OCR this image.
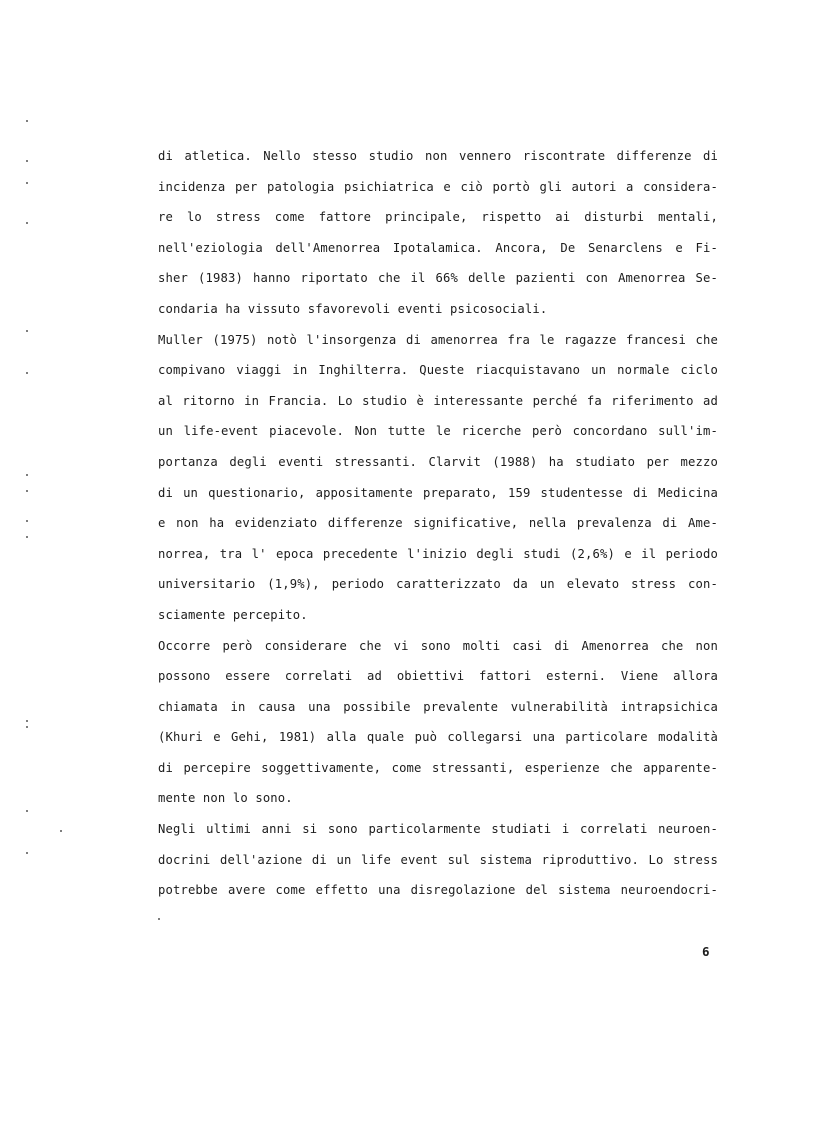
di atletica. Nello stesso studio non vennero riscontrate differenze di
incidenza per patologia psichiatrica e ciò portò gli autori a considera-
re lo stress come fattore principale, rispetto ai disturbi mentali,
nell'eziologia dell'Amenorrea Ipotalamica. Ancora, De Senarclens e Fi-
sher (1983) hanno riportato che il 66% delle pazienti con Amenorrea Se-
condaria ha vissuto sfavorevoli eventi psicosociali.
Muller (1975) notò l'insorgenza di amenorrea fra le ragazze francesi che
compivano viaggi in Inghilterra. Queste riacquistavano un normale ciclo
al ritorno in Francia. Lo studio è interessante perché fa riferimento ad
un life-event piacevole. Non tutte le ricerche però concordano sull'im-
portanza degli eventi stressanti. Clarvit (1988) ha studiato per mezzo
di un questionario, appositamente preparato, 159 studentesse di Medicina
e non ha evidenziato differenze significative, nella prevalenza di Ame-
norrea, tra l' epoca precedente l'inizio degli studi (2,6%) e il periodo
universitario (1,9%), periodo caratterizzato da un elevato stress con-
sciamente percepito.
Occorre però considerare che vi sono molti casi di Amenorrea che non
possono essere correlati ad obiettivi fattori esterni. Viene allora
chiamata in causa una possibile prevalente vulnerabilità intrapsichica
(Khuri e Gehi, 1981) alla quale può collegarsi una particolare modalità
di percepire soggettivamente, come stressanti, esperienze che apparente-
mente non lo sono.
Negli ultimi anni si sono particolarmente studiati i correlati neuroen-
docrini dell'azione di un life event sul sistema riproduttivo. Lo stress
potrebbe avere come effetto una disregolazione del sistema neuroendocri-
6
